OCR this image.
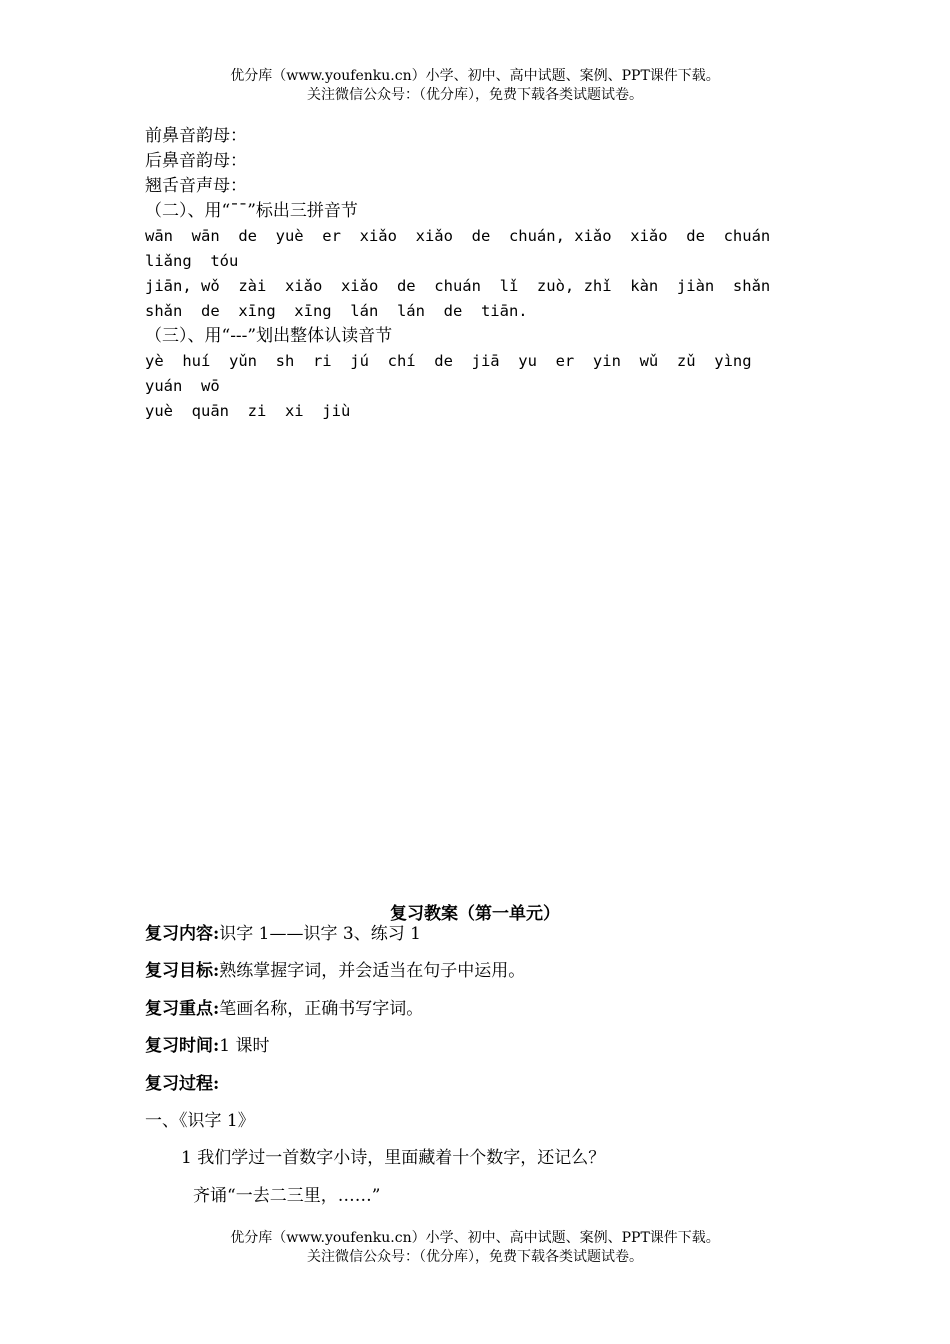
优分库（www.youfenku.cn）小学、初中、高中试题、案例、PPT课件下载。
关注微信公众号：（优分库），免费下载各类试题试卷。
前鼻音韵母：
后鼻音韵母：
翘舌音声母：
（二）、用“¯¯”标出三拼音节
wān  wān  de  yuè  er  xiǎo  xiǎo  de  chuán, xiǎo  xiǎo  de  chuán
liǎng  tóu
jiān, wǒ  zài  xiǎo  xiǎo  de  chuán  lǐ  zuò, zhǐ  kàn  jiàn  shǎn
shǎn  de  xīng  xīng  lán  lán  de  tiān.
（三）、用“---”划出整体认读音节
yè  huí  yǔn  sh  ri  jú  chí  de  jiā  yu  er  yin  wǔ  zǔ  yìng
yuán  wō
yuè  quān  zi  xi  jiù
复习教案（第一单元）
复习内容:识字 1——识字 3、练习 1
复习目标:熟练掌握字词，并会适当在句子中运用。
复习重点:笔画名称，正确书写字词。
复习时间:1 课时
复习过程:
一、《识字 1》
1 我们学过一首数字小诗，里面藏着十个数字，还记么？
齐诵“一去二三里，……”
优分库（www.youfenku.cn）小学、初中、高中试题、案例、PPT课件下载。
关注微信公众号：（优分库），免费下载各类试题试卷。
